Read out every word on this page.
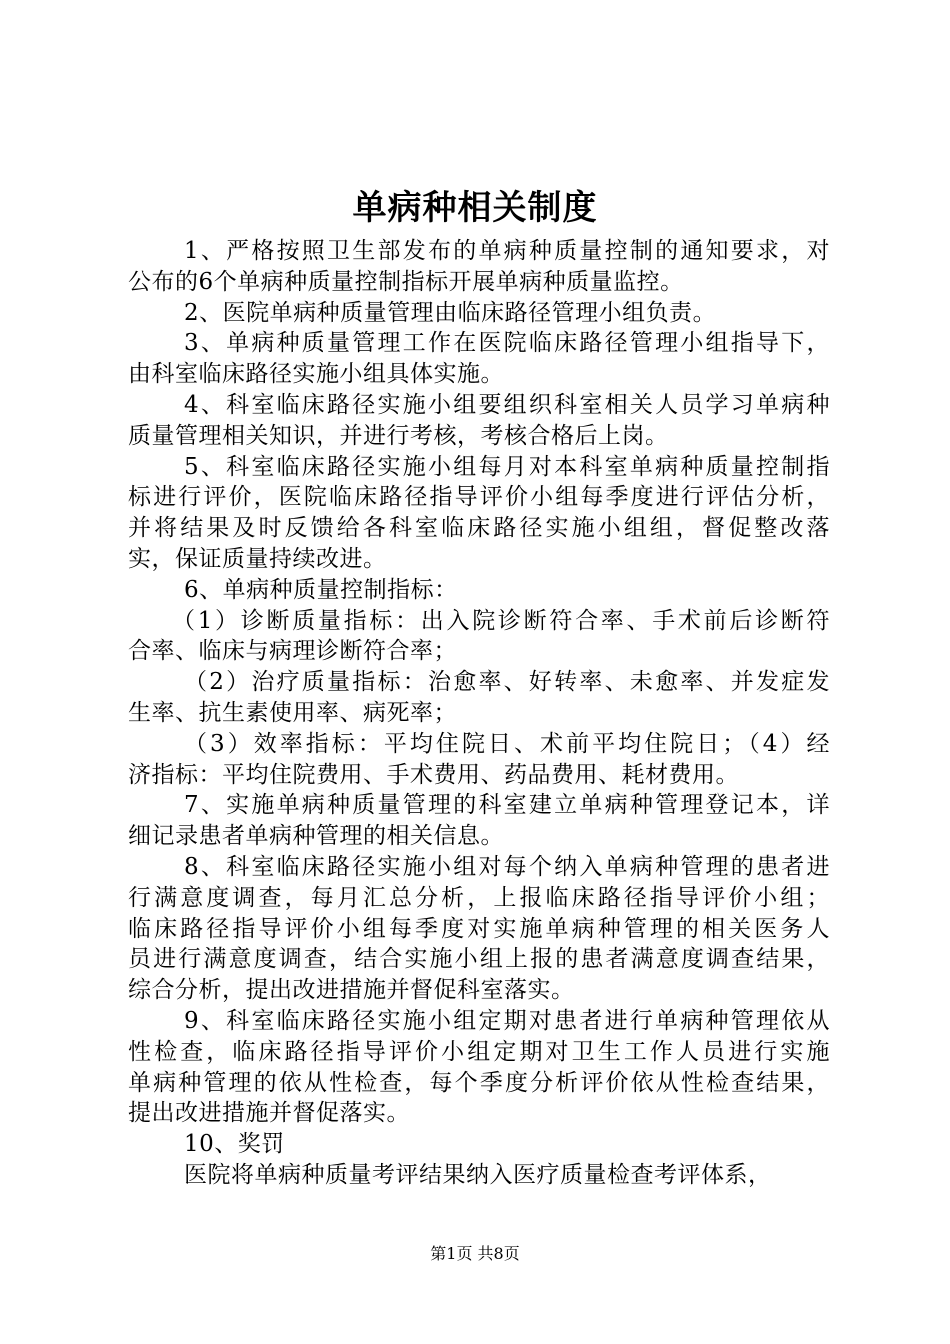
单病种相关制度
1、严格按照卫生部发布的单病种质量控制的通知要求，对
公布的6个单病种质量控制指标开展单病种质量监控。
2、医院单病种质量管理由临床路径管理小组负责。
3、单病种质量管理工作在医院临床路径管理小组指导下，
由科室临床路径实施小组具体实施。
4、科室临床路径实施小组要组织科室相关人员学习单病种
质量管理相关知识，并进行考核，考核合格后上岗。
5、科室临床路径实施小组每月对本科室单病种质量控制指
标进行评价，医院临床路径指导评价小组每季度进行评估分析，
并将结果及时反馈给各科室临床路径实施小组组，督促整改落
实，保证质量持续改进。
6、单病种质量控制指标：
（1）诊断质量指标：出入院诊断符合率、手术前后诊断符
合率、临床与病理诊断符合率；
（2）治疗质量指标：治愈率、好转率、未愈率、并发症发
生率、抗生素使用率、病死率；
（3）效率指标：平均住院日、术前平均住院日；（4）经
济指标：平均住院费用、手术费用、药品费用、耗材费用。
7、实施单病种质量管理的科室建立单病种管理登记本，详
细记录患者单病种管理的相关信息。
8、科室临床路径实施小组对每个纳入单病种管理的患者进
行满意度调查，每月汇总分析，上报临床路径指导评价小组；
临床路径指导评价小组每季度对实施单病种管理的相关医务人
员进行满意度调查，结合实施小组上报的患者满意度调查结果，
综合分析，提出改进措施并督促科室落实。
9、科室临床路径实施小组定期对患者进行单病种管理依从
性检查，临床路径指导评价小组定期对卫生工作人员进行实施
单病种管理的依从性检查，每个季度分析评价依从性检查结果，
提出改进措施并督促落实。
10、奖罚
医院将单病种质量考评结果纳入医疗质量检查考评体系，
第1页 共8页
